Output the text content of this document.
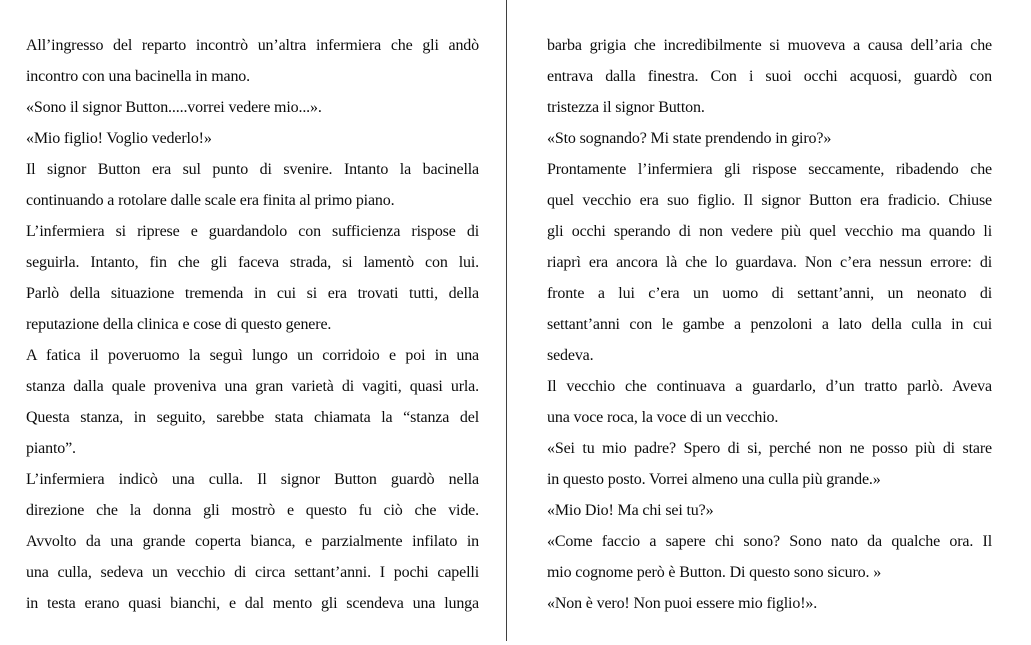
All’ingresso del reparto incontrò un’altra infermiera che gli andò
incontro con una bacinella in mano.
«Sono il signor Button.....vorrei vedere mio...».
«Mio figlio! Voglio vederlo!»
Il signor Button era sul punto di svenire. Intanto la bacinella
continuando a rotolare dalle scale era finita al primo piano.
L’infermiera si riprese e guardandolo con sufficienza rispose di
seguirla. Intanto, fin che gli faceva strada, si lamentò con lui.
Parlò della situazione tremenda in cui si era trovati tutti, della
reputazione della clinica e cose di questo genere.
A fatica il poveruomo la seguì lungo un corridoio e poi in una
stanza dalla quale proveniva una gran varietà di vagiti, quasi urla.
Questa stanza, in seguito, sarebbe stata chiamata la “stanza del
pianto”.
L’infermiera indicò una culla. Il signor Button guardò nella
direzione che la donna gli mostrò e questo fu ciò che vide.
Avvolto da una grande coperta bianca, e parzialmente infilato in
una culla, sedeva un vecchio di circa settant’anni. I pochi capelli
in testa erano quasi bianchi, e dal mento gli scendeva una lunga
barba grigia che incredibilmente si muoveva a causa dell’aria che
entrava dalla finestra. Con i suoi occhi acquosi, guardò con
tristezza il signor Button.
«Sto sognando? Mi state prendendo in giro?»
Prontamente l’infermiera gli rispose seccamente, ribadendo che
quel vecchio era suo figlio. Il signor Button era fradicio. Chiuse
gli occhi sperando di non vedere più quel vecchio ma quando li
riaprì era ancora là che lo guardava. Non c’era nessun errore: di
fronte a lui c’era un uomo di settant’anni, un neonato di
settant’anni con le gambe a penzoloni a lato della culla in cui
sedeva.
Il vecchio che continuava a guardarlo, d’un tratto parlò. Aveva
una voce roca, la voce di un vecchio.
«Sei tu mio padre? Spero di si, perché non ne posso più di stare
in questo posto. Vorrei almeno una culla più grande.»
«Mio Dio! Ma chi sei tu?»
«Come faccio a sapere chi sono? Sono nato da qualche ora. Il
mio cognome però è Button. Di questo sono sicuro. »
«Non è vero! Non puoi essere mio figlio!».
